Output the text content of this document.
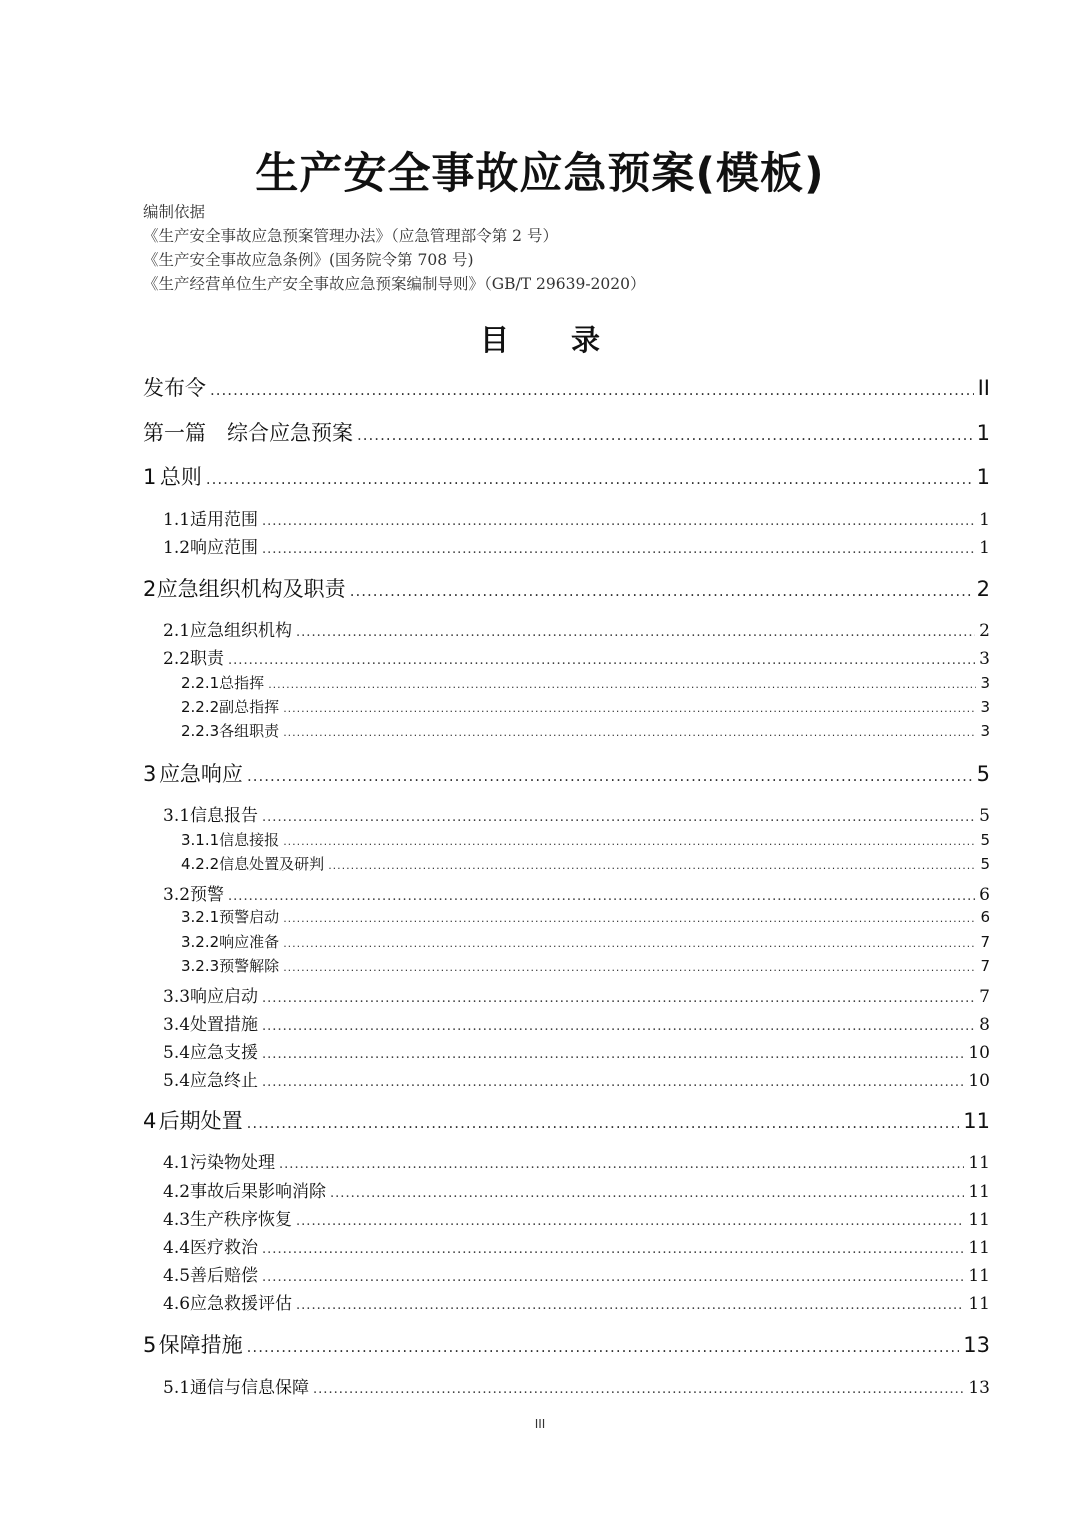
生产安全事故应急预案(模板)
编制依据
《生产安全事故应急预案管理办法》（应急管理部令第 2 号）
《生产安全事故应急条例》(国务院令第 708 号)
《生产经营单位生产安全事故应急预案编制导则》（GB/T 29639-2020）
目 录
发布令 .....	II
第一篇　综合应急预案 .....	1
1 总则 .....	1
1.1 适用范围 .....	1
1.2 响应范围 .....	1
2 应急组织机构及职责 .....	2
2.1 应急组织机构 .....	2
2.2 职责 .....	3
2.2.1 总指挥 .....	3
2.2.2 副总指挥 .....	3
2.2.3 各组职责 .....	3
3 应急响应 .....	5
3.1 信息报告 .....	5
3.1.1 信息接报 .....	5
4.2.2 信息处置及研判 .....	5
3.2 预警 .....	6
3.2.1 预警启动 .....	6
3.2.2 响应准备 .....	7
3.2.3 预警解除 .....	7
3.3 响应启动 .....	7
3.4 处置措施 .....	8
5.4 应急支援 .....	10
5.4 应急终止 .....	10
4 后期处置 .....	11
4.1 污染物处理 .....	11
4.2 事故后果影响消除 .....	11
4.3 生产秩序恢复 .....	11
4.4 医疗救治 .....	11
4.5 善后赔偿 .....	11
4.6 应急救援评估 .....	11
5 保障措施 .....	13
5.1 通信与信息保障 .....	13
III
